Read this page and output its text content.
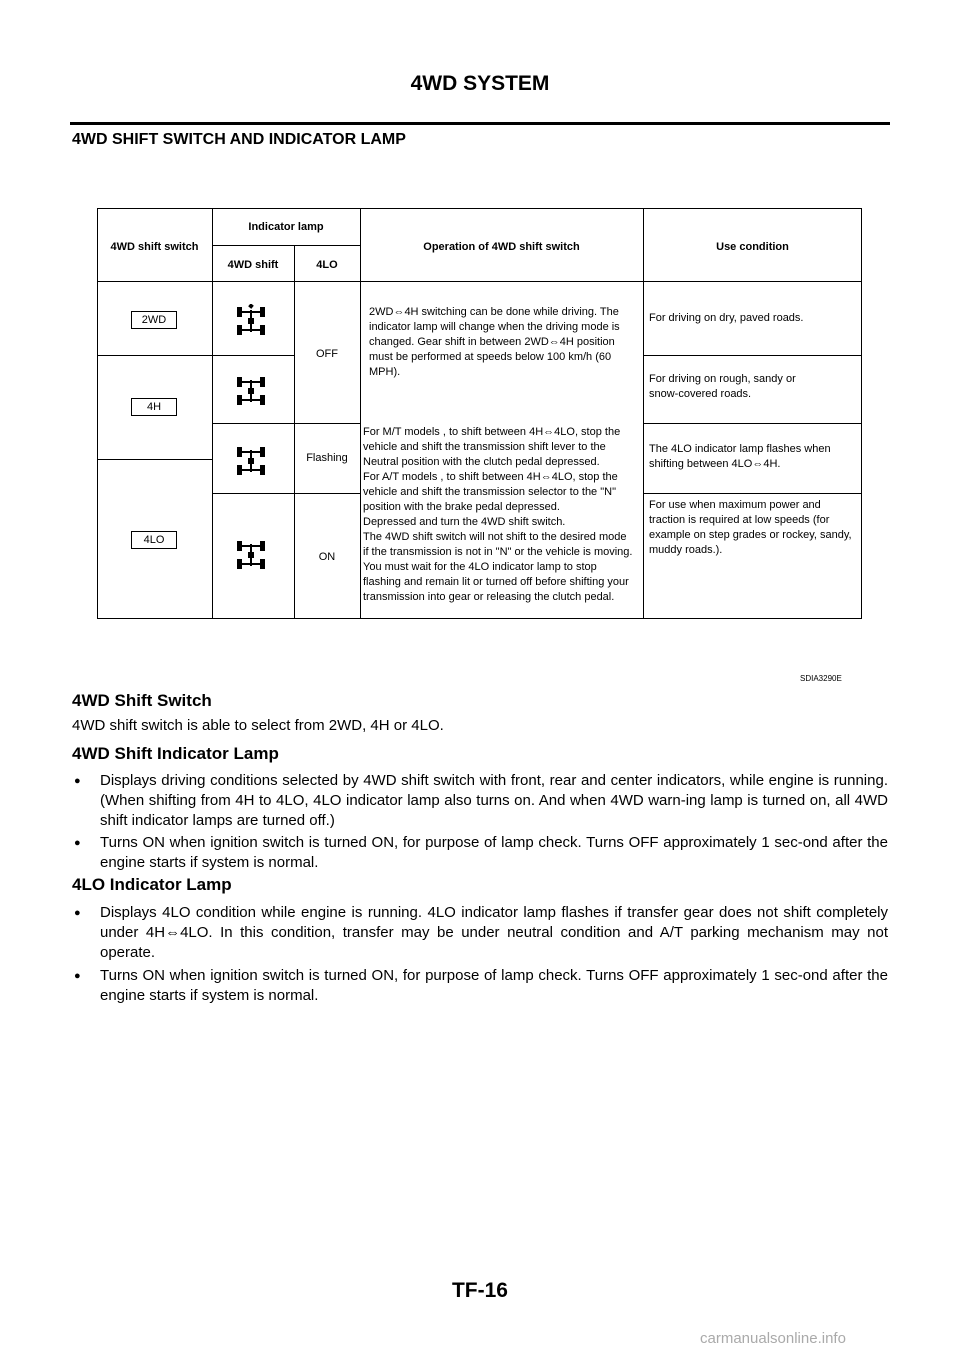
4WD SYSTEM
4WD SHIFT SWITCH AND INDICATOR LAMP
4WD shift switch
Indicator lamp
4WD shift	4LO
Operation of 4WD shift switch	Use condition
2WD
4H
4LO
OFF
Flashing
ON
2WD⇔4H switching can be done while driving. The
indicator lamp will change when the driving mode is
changed. Gear shift in between 2WD⇔4H position
must be performed at speeds below 100 km/h (60
MPH).
For M/T models , to shift between 4H⇔4LO, stop the
vehicle and shift the transmission shift lever to the
Neutral position with the clutch pedal depressed.
For A/T models , to shift between 4H⇔4LO, stop the
vehicle and shift the transmission selector to the "N"
position with the brake pedal depressed.
Depressed and turn the 4WD shift switch.
The 4WD shift switch will not shift to the desired mode
if the transmission is not in "N" or the vehicle is moving.
You must wait for the 4LO indicator lamp to stop
flashing and remain lit or turned off before shifting your
transmission into gear or releasing the clutch pedal.
For driving on dry, paved roads.
For driving on rough, sandy or
snow-covered roads.
The 4LO indicator lamp flashes when
shifting between 4LO⇔4H.
For use when maximum power and
traction is required at low speeds (for
example on step grades or rockey, sandy,
muddy roads.).
SDIA3290E
4WD Shift Switch

4WD shift switch is able to select from 2WD, 4H or 4LO.

4WD Shift Indicator Lamp
● Displays driving conditions selected by 4WD shift switch with front, rear and center indicators, while engine is running. (When shifting from 4H to 4LO, 4LO indicator lamp also turns on. And when 4WD warn-ing lamp is turned on, all 4WD shift indicator lamps are turned off.)
● Turns ON when ignition switch is turned ON, for purpose of lamp check. Turns OFF approximately 1 sec-ond after the engine starts if system is normal.
4LO Indicator Lamp
● Displays 4LO condition while engine is running. 4LO indicator lamp flashes if transfer gear does not shift completely under 4H⇔4LO. In this condition, transfer may be under neutral condition and A/T parking mechanism may not operate.
● Turns ON when ignition switch is turned ON, for purpose of lamp check. Turns OFF approximately 1 sec-ond after the engine starts if system is normal.
TF-16
carmanualsonline.info
